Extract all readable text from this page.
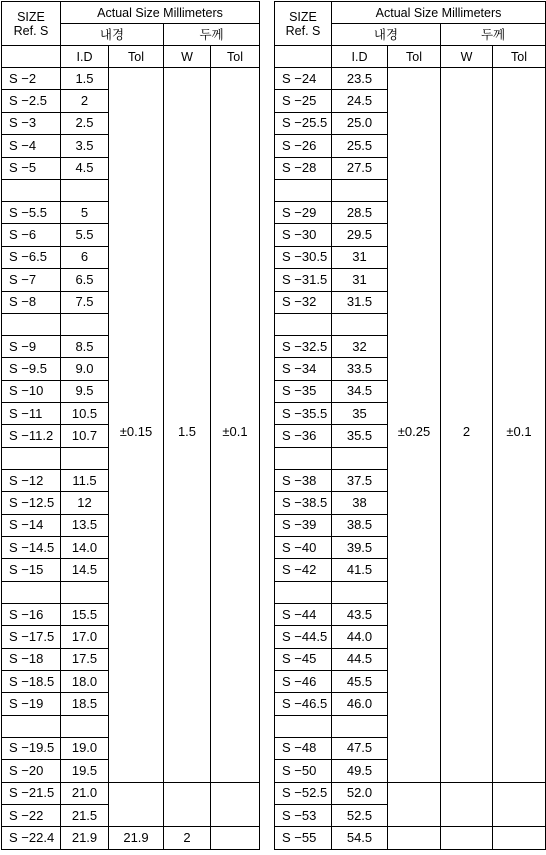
SIZE
Ref. S	Actual Size Millimeters			
	내경		두께	
	I.D	Tol	W	Tol
S −2	1.5	±0.15	1.5	±0.1
S −2.5	2			
S −3	2.5			
S −4	3.5			
S −5	4.5			

S −5.5	5			
S −6	5.5			
S −6.5	6			
S −7	6.5			
S −8	7.5			

S −9	8.5			
S −9.5	9.0			
S −10	9.5			
S −11	10.5			
S −11.2	10.7			

S −12	11.5			
S −12.5	12			
S −14	13.5			
S −14.5	14.0			
S −15	14.5			

S −16	15.5			
S −17.5	17.0			
S −18	17.5			
S −18.5	18.0			
S −19	18.5			

S −19.5	19.0			
S −20	19.5			
S −21.5	21.0			
S −22	21.5			
S −22.4	21.9	21.9	2	
SIZE
Ref. S	Actual Size Millimeters			
	내경		두께	
	I.D	Tol	W	Tol
S −24	23.5	±0.25	2	±0.1
S −25	24.5			
S −25.5	25.0			
S −26	25.5			
S −28	27.5			

S −29	28.5			
S −30	29.5			
S −30.5	31			
S −31.5	31			
S −32	31.5			

S −32.5	32			
S −34	33.5			
S −35	34.5			
S −35.5	35			
S −36	35.5			

S −38	37.5			
S −38.5	38			
S −39	38.5			
S −40	39.5			
S −42	41.5			

S −44	43.5			
S −44.5	44.0			
S −45	44.5			
S −46	45.5			
S −46.5	46.0			

S −48	47.5			
S −50	49.5			
S −52.5	52.0			
S −53	52.5			
S −55	54.5			
